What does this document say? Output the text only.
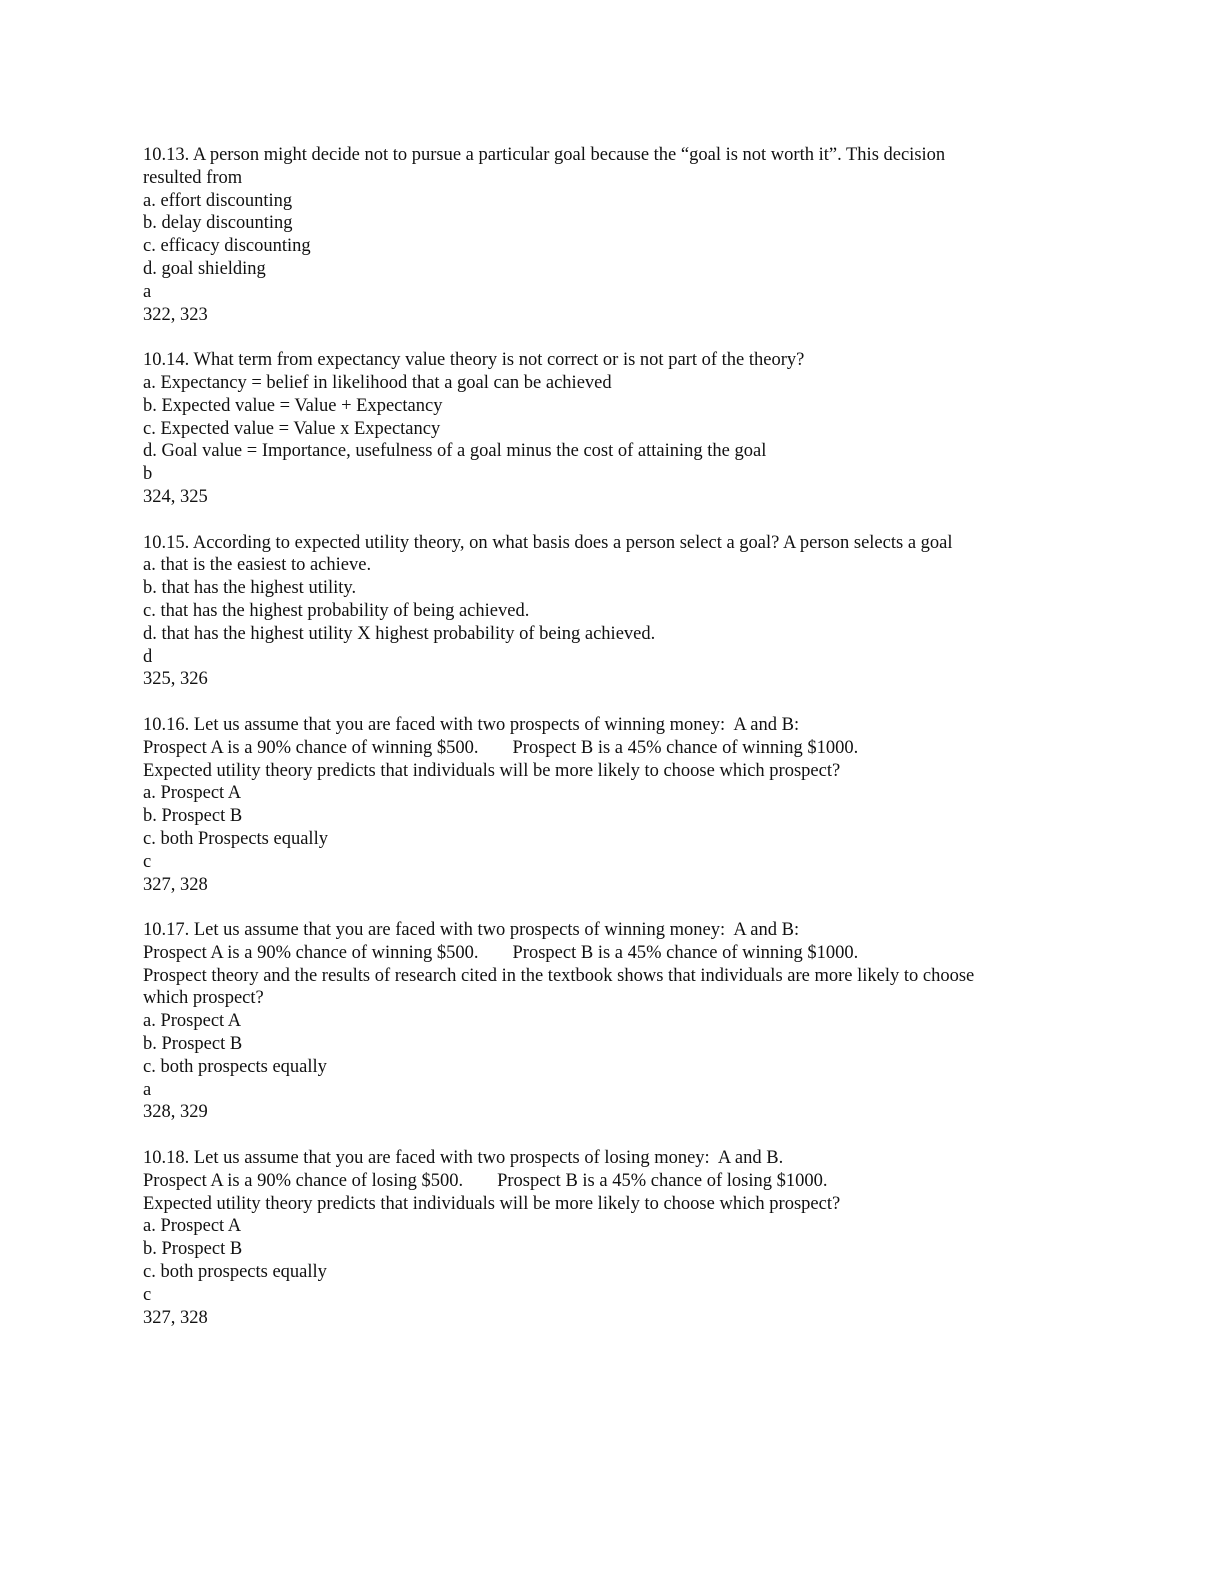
10.13. A person might decide not to pursue a particular goal because the “goal is not worth it”. This decision
resulted from
a. effort discounting
b. delay discounting
c. efficacy discounting
d. goal shielding
a
322, 323
10.14. What term from expectancy value theory is not correct or is not part of the theory?
a. Expectancy = belief in likelihood that a goal can be achieved
b. Expected value = Value + Expectancy
c. Expected value = Value x Expectancy
d. Goal value = Importance, usefulness of a goal minus the cost of attaining the goal
b
324, 325
10.15. According to expected utility theory, on what basis does a person select a goal? A person selects a goal
a. that is the easiest to achieve.
b. that has the highest utility.
c. that has the highest probability of being achieved.
d. that has the highest utility X highest probability of being achieved.
d
325, 326
10.16. Let us assume that you are faced with two prospects of winning money:  A and B:
Prospect A is a 90% chance of winning $500. Prospect B is a 45% chance of winning $1000.
Expected utility theory predicts that individuals will be more likely to choose which prospect?
a. Prospect A
b. Prospect B
c. both Prospects equally
c
327, 328
10.17. Let us assume that you are faced with two prospects of winning money:  A and B:
Prospect A is a 90% chance of winning $500. Prospect B is a 45% chance of winning $1000.
Prospect theory and the results of research cited in the textbook shows that individuals are more likely to choose
which prospect?
a. Prospect A
b. Prospect B
c. both prospects equally
a
328, 329
10.18. Let us assume that you are faced with two prospects of losing money:  A and B.
Prospect A is a 90% chance of losing $500. Prospect B is a 45% chance of losing $1000.
Expected utility theory predicts that individuals will be more likely to choose which prospect?
a. Prospect A
b. Prospect B
c. both prospects equally
c
327, 328
